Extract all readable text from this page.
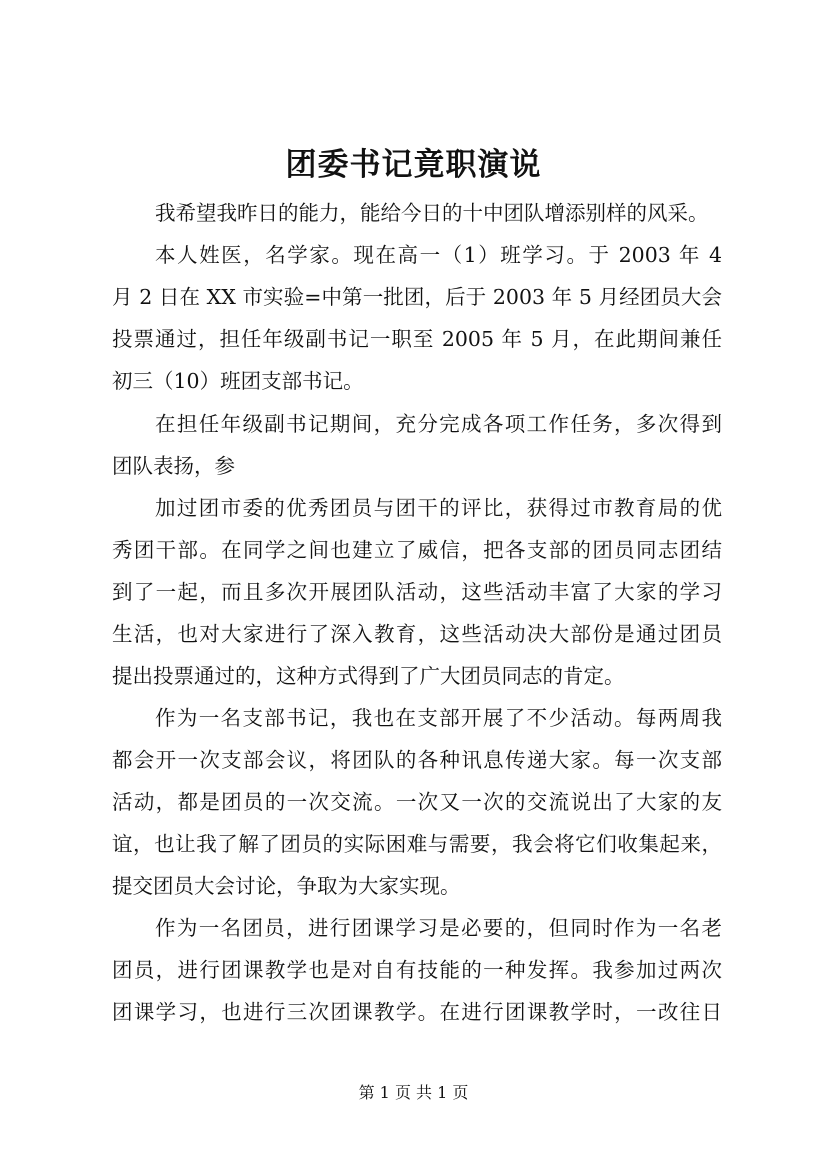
团委书记竟职演说
我希望我昨日的能力，能给今日的十中团队增添别样的风采。
本人姓医，名学家。现在高一（1）班学习。于 2003 年 4
月 2 日在 XX 市实验=中第一批团，后于 2003 年 5 月经团员大会
投票通过，担任年级副书记一职至 2005 年 5 月，在此期间兼任
初三（10）班团支部书记。
在担任年级副书记期间，充分完成各项工作任务，多次得到
团队表扬，参
加过团市委的优秀团员与团干的评比，获得过市教育局的优
秀团干部。在同学之间也建立了威信，把各支部的团员同志团结
到了一起，而且多次开展团队活动，这些活动丰富了大家的学习
生活，也对大家进行了深入教育，这些活动决大部份是通过团员
提出投票通过的，这种方式得到了广大团员同志的肯定。
作为一名支部书记，我也在支部开展了不少活动。每两周我
都会开一次支部会议，将团队的各种讯息传递大家。每一次支部
活动，都是团员的一次交流。一次又一次的交流说出了大家的友
谊，也让我了解了团员的实际困难与需要，我会将它们收集起来，
提交团员大会讨论，争取为大家实现。
作为一名团员，进行团课学习是必要的，但同时作为一名老
团员，进行团课教学也是对自有技能的一种发挥。我参加过两次
团课学习，也进行三次团课教学。在进行团课教学时，一改往日
第 1 页 共 1 页
